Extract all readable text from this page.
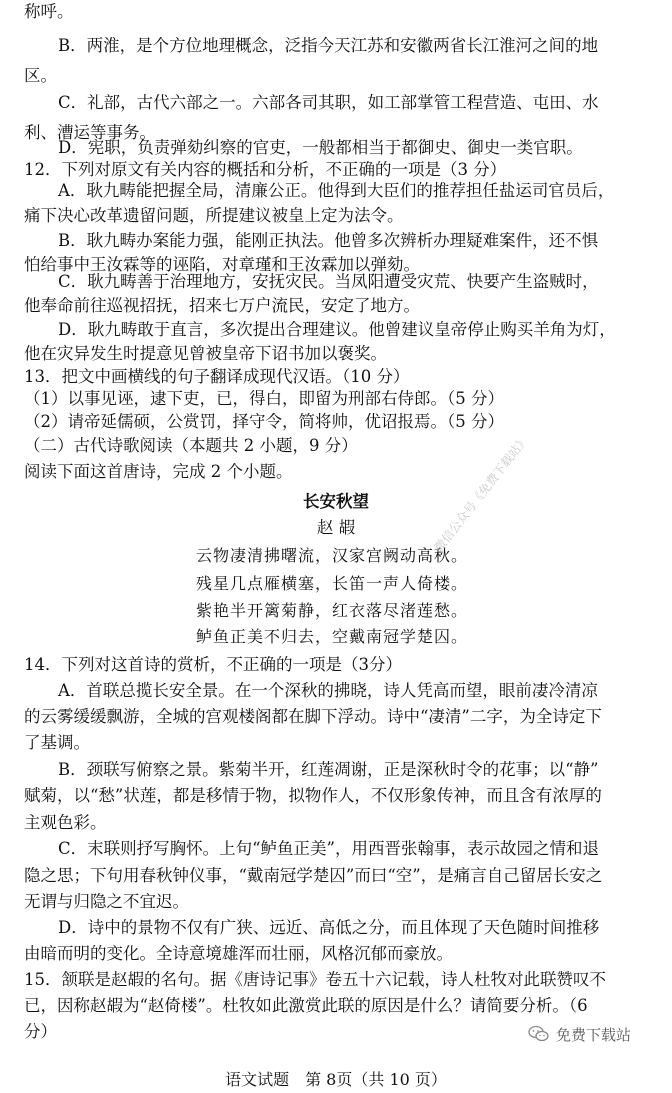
称呼。
B．两淮，是个方位地理概念，泛指今天江苏和安徽两省长江淮河之间的地
区。
C．礼部，古代六部之一。六部各司其职，如工部掌管工程营造、屯田、水
利、漕运等事务。
D．宪职，负责弹劾纠察的官吏，一般都相当于都御史、御史一类官职。
12．下列对原文有关内容的概括和分析，不正确的一项是（3 分）
A．耿九畴能把握全局，清廉公正。他得到大臣们的推荐担任盐运司官员后，
痛下决心改革遗留问题，所提建议被皇上定为法令。
B．耿九畴办案能力强，能刚正执法。他曾多次辨析办理疑难案件，还不惧
怕给事中王汝霖等的诬陷，对章瑾和王汝霖加以弹劾。
C．耿九畴善于治理地方，安抚灾民。当凤阳遭受灾荒、快要产生盗贼时，
他奉命前往巡视招抚，招来七万户流民，安定了地方。
D．耿九畴敢于直言，多次提出合理建议。他曾建议皇帝停止购买羊角为灯，
他在灾异发生时提意见曾被皇帝下诏书加以褒奖。
13．把文中画横线的句子翻译成现代汉语。（10 分）
（1）以事见诬，逮下吏，已，得白，即留为刑部右侍郎。（5 分）
（2）请帝延儒硕，公赏罚，择守令，简将帅，优诏报焉。（5 分）
（二）古代诗歌阅读（本题共 2 小题，9 分）
阅读下面这首唐诗，完成 2 个小题。
长安秋望
赵 嘏
云物凄清拂曙流，汉家宫阙动高秋。
残星几点雁横塞，长笛一声人倚楼。
紫艳半开篱菊静，红衣落尽渚莲愁。
鲈鱼正美不归去，空戴南冠学楚囚。
14．下列对这首诗的赏析，不正确的一项是（3分）
A．首联总揽长安全景。在一个深秋的拂晓，诗人凭高而望，眼前凄冷清凉
的云雾缓缓飘游，全城的宫观楼阁都在脚下浮动。诗中“凄清”二字，为全诗定下
了基调。
B．颈联写俯察之景。紫菊半开，红莲凋谢，正是深秋时令的花事；以“静”
赋菊，以“愁”状莲，都是移情于物，拟物作人，不仅形象传神，而且含有浓厚的
主观色彩。
C．末联则抒写胸怀。上句“鲈鱼正美”，用西晋张翰事，表示故园之情和退
隐之思；下句用春秋钟仪事，“戴南冠学楚囚”而曰“空”，是痛言自己留居长安之
无谓与归隐之不宜迟。
D．诗中的景物不仅有广狭、远近、高低之分，而且体现了天色随时间推移
由暗而明的变化。全诗意境雄浑而壮丽，风格沉郁而豪放。
15．颔联是赵嘏的名句。据《唐诗记事》卷五十六记载，诗人杜牧对此联赞叹不
已，因称赵嘏为“赵倚楼”。杜牧如此激赏此联的原因是什么？请简要分析。（6
分）
微信公众号《免费下载站》
免费下载站
语文试题　第 8页（共 10 页）
